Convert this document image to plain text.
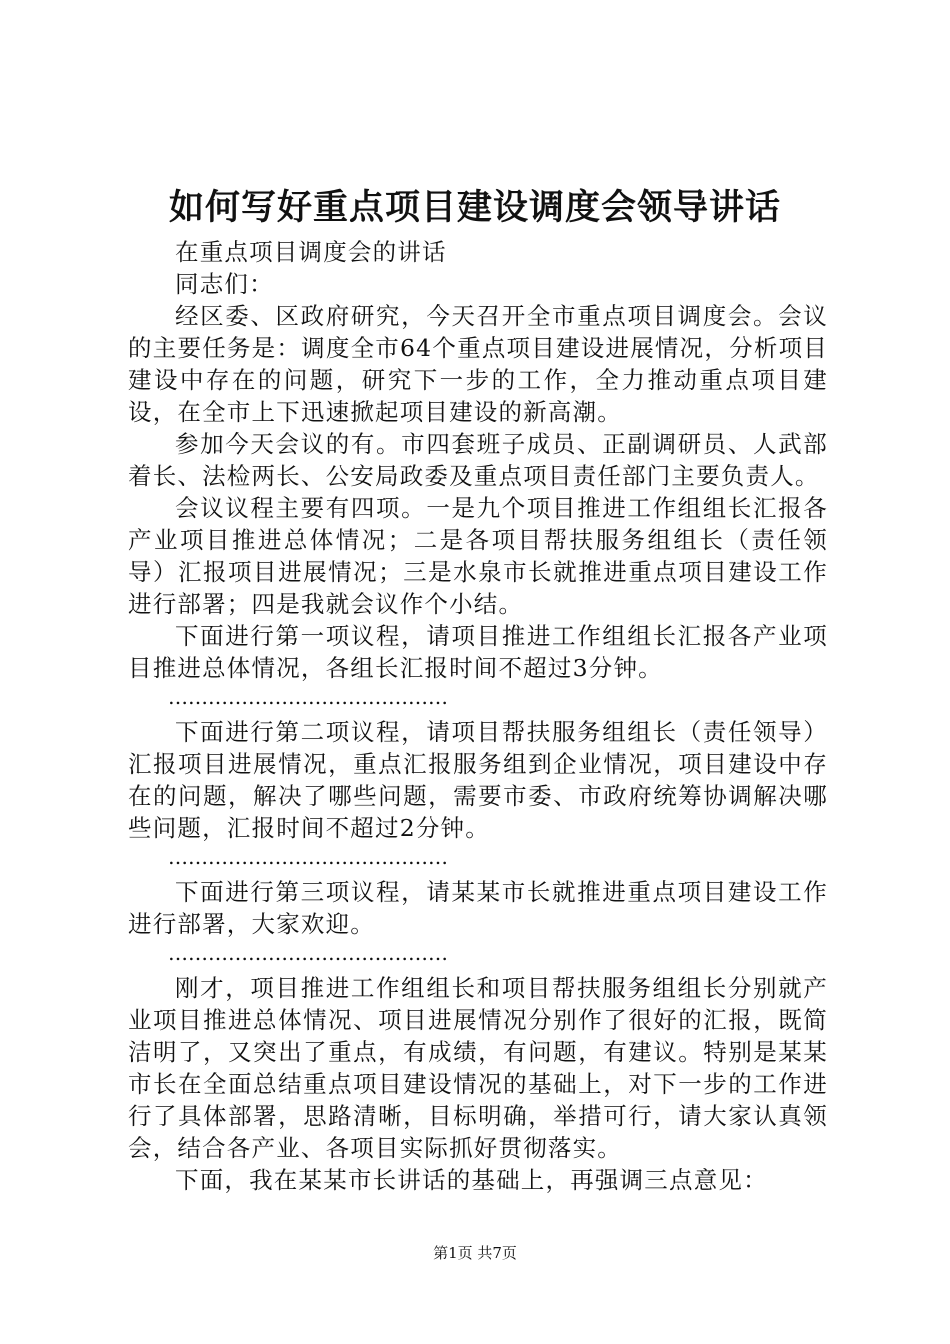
如何写好重点项目建设调度会领导讲话

在重点项目调度会的讲话

同志们：

经区委、区政府研究，今天召开全市重点项目调度会。会议的主要任务是：调度全市64个重点项目建设进展情况，分析项目建设中存在的问题，研究下一步的工作，全力推动重点项目建设，在全市上下迅速掀起项目建设的新高潮。

参加今天会议的有。市四套班子成员、正副调研员、人武部着长、法检两长、公安局政委及重点项目责任部门主要负责人。

会议议程主要有四项。一是九个项目推进工作组组长汇报各产业项目推进总体情况；二是各项目帮扶服务组组长（责任领导）汇报项目进展情况；三是水泉市长就推进重点项目建设工作进行部署；四是我就会议作个小结。

下面进行第一项议程，请项目推进工作组组长汇报各产业项目推进总体情况，各组长汇报时间不超过3分钟。

……………………………………

下面进行第二项议程，请项目帮扶服务组组长（责任领导）汇报项目进展情况，重点汇报服务组到企业情况，项目建设中存在的问题，解决了哪些问题，需要市委、市政府统筹协调解决哪些问题，汇报时间不超过2分钟。

……………………………………

下面进行第三项议程，请某某市长就推进重点项目建设工作进行部署，大家欢迎。

……………………………………

刚才，项目推进工作组组长和项目帮扶服务组组长分别就产业项目推进总体情况、项目进展情况分别作了很好的汇报，既简洁明了，又突出了重点，有成绩，有问题，有建议。特别是某某市长在全面总结重点项目建设情况的基础上，对下一步的工作进行了具体部署，思路清晰，目标明确，举措可行，请大家认真领会，结合各产业、各项目实际抓好贯彻落实。

下面，我在某某市长讲话的基础上，再强调三点意见：

第1页 共7页
